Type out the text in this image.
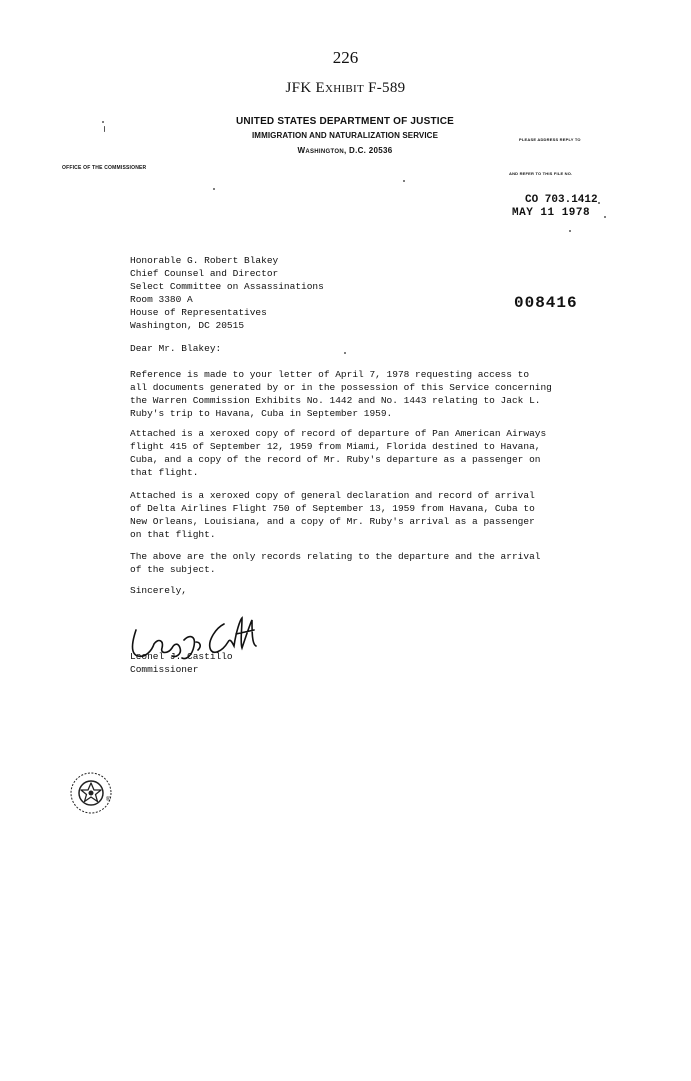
226
JFK Exhibit F-589
UNITED STATES DEPARTMENT OF JUSTICE
IMMIGRATION AND NATURALIZATION SERVICE
Washington, D.C. 20536
OFFICE OF THE COMMISSIONER
PLEASE ADDRESS REPLY TO
AND REFER TO THIS FILE NO.
CO 703.1412
MAY 11 1978
008416
Honorable G. Robert Blakey
Chief Counsel and Director
Select Committee on Assassinations
Room 3380 A
House of Representatives
Washington, DC 20515
Dear Mr. Blakey:
Reference is made to your letter of April 7, 1978 requesting access to
all documents generated by or in the possession of this Service concerning
the Warren Commission Exhibits No. 1442 and No. 1443 relating to Jack L.
Ruby's trip to Havana, Cuba in September 1959.
Attached is a xeroxed copy of record of departure of Pan American Airways
flight 415 of September 12, 1959 from Miami, Florida destined to Havana,
Cuba, and a copy of the record of Mr. Ruby's departure as a passenger on
that flight.
Attached is a xeroxed copy of general declaration and record of arrival
of Delta Airlines Flight 750 of September 13, 1959 from Havana, Cuba to
New Orleans, Louisiana, and a copy of Mr. Ruby's arrival as a passenger
on that flight.
The above are the only records relating to the departure and the arrival
of the subject.
Sincerely,
Leonel J. Castillo
Commissioner
®
